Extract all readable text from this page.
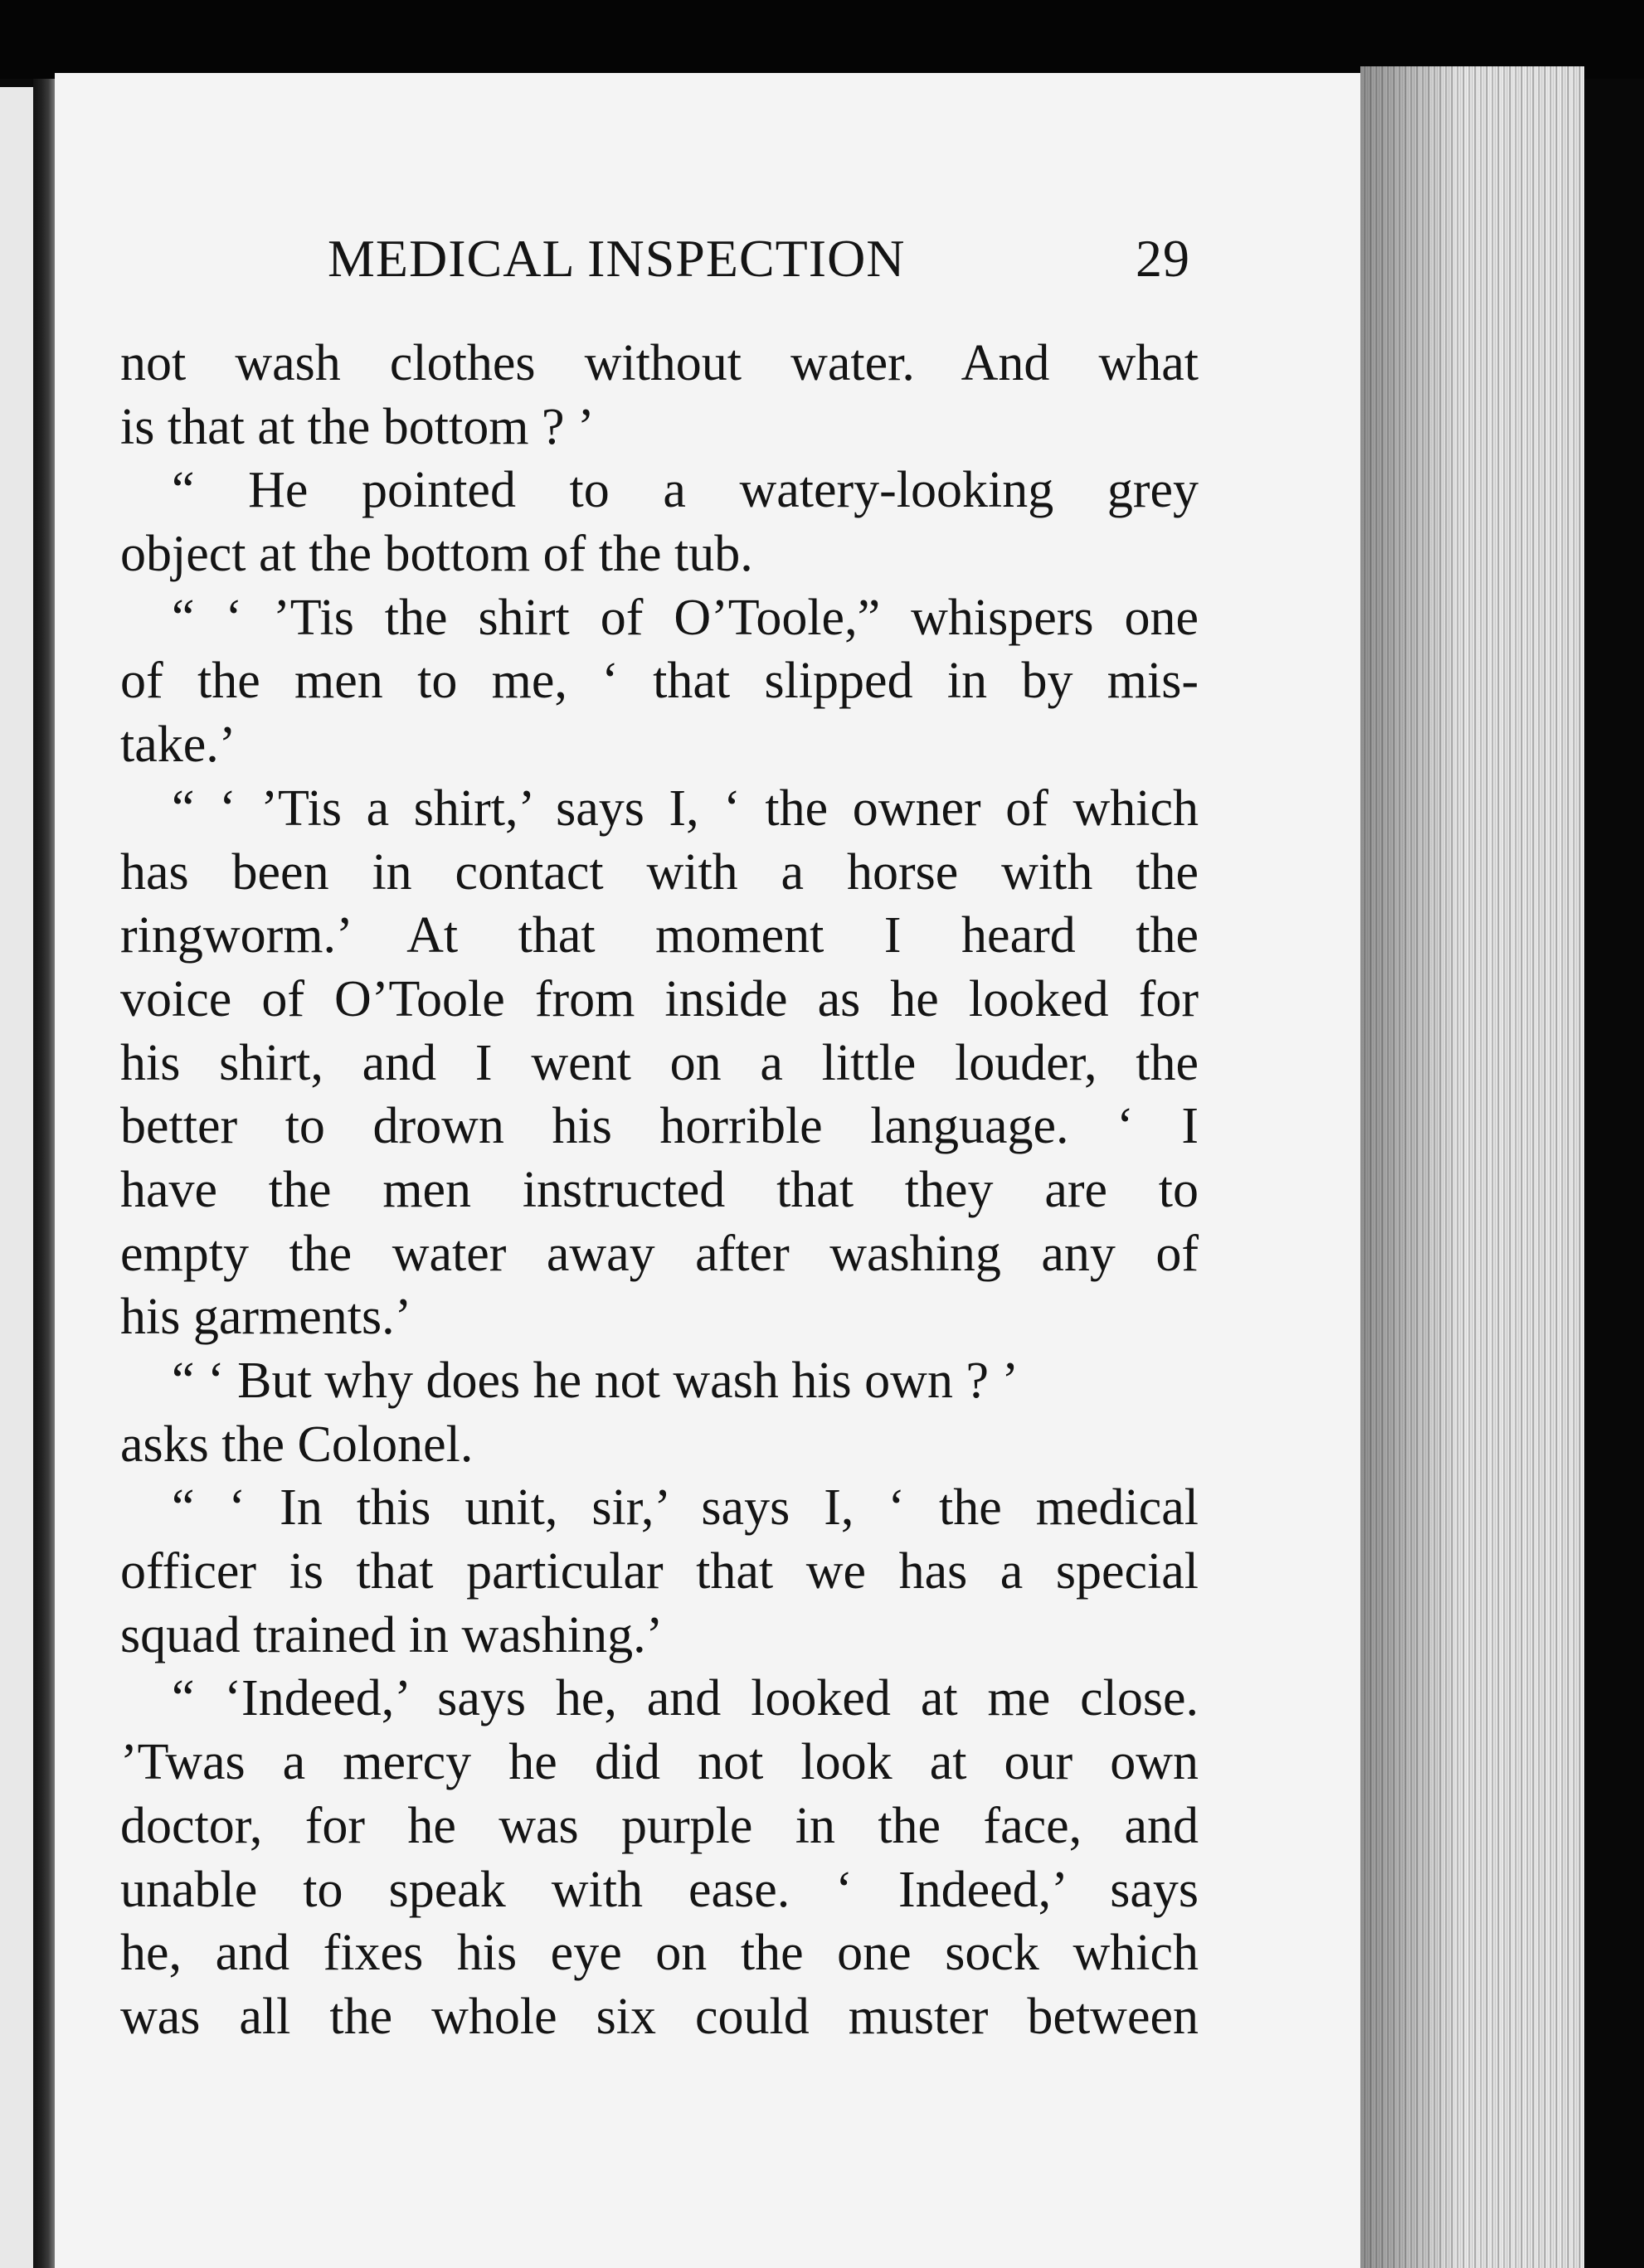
MEDICAL INSPECTION	29
not wash clothes without water. And what
is that at the bottom ? ’
“ He pointed to a watery-looking grey
object at the bottom of the tub.
“ ‘ ’Tis the shirt of O’Toole,” whispers one
of the men to me, ‘ that slipped in by mis-
take.’
“ ‘ ’Tis a shirt,’ says I, ‘ the owner of which
has been in contact with a horse with the
ringworm.’ At that moment I heard the
voice of O’Toole from inside as he looked for
his shirt, and I went on a little louder, the
better to drown his horrible language. ‘ I
have the men instructed that they are to
empty the water away after washing any of
his garments.’
“ ‘ But why does he not wash his own ? ’
asks the Colonel.
“ ‘ In this unit, sir,’ says I, ‘ the medical
officer is that particular that we has a special
squad trained in washing.’
“ ‘Indeed,’ says he, and looked at me close.
’Twas a mercy he did not look at our own
doctor, for he was purple in the face, and
unable to speak with ease. ‘ Indeed,’ says
he, and fixes his eye on the one sock which
was all the whole six could muster between
